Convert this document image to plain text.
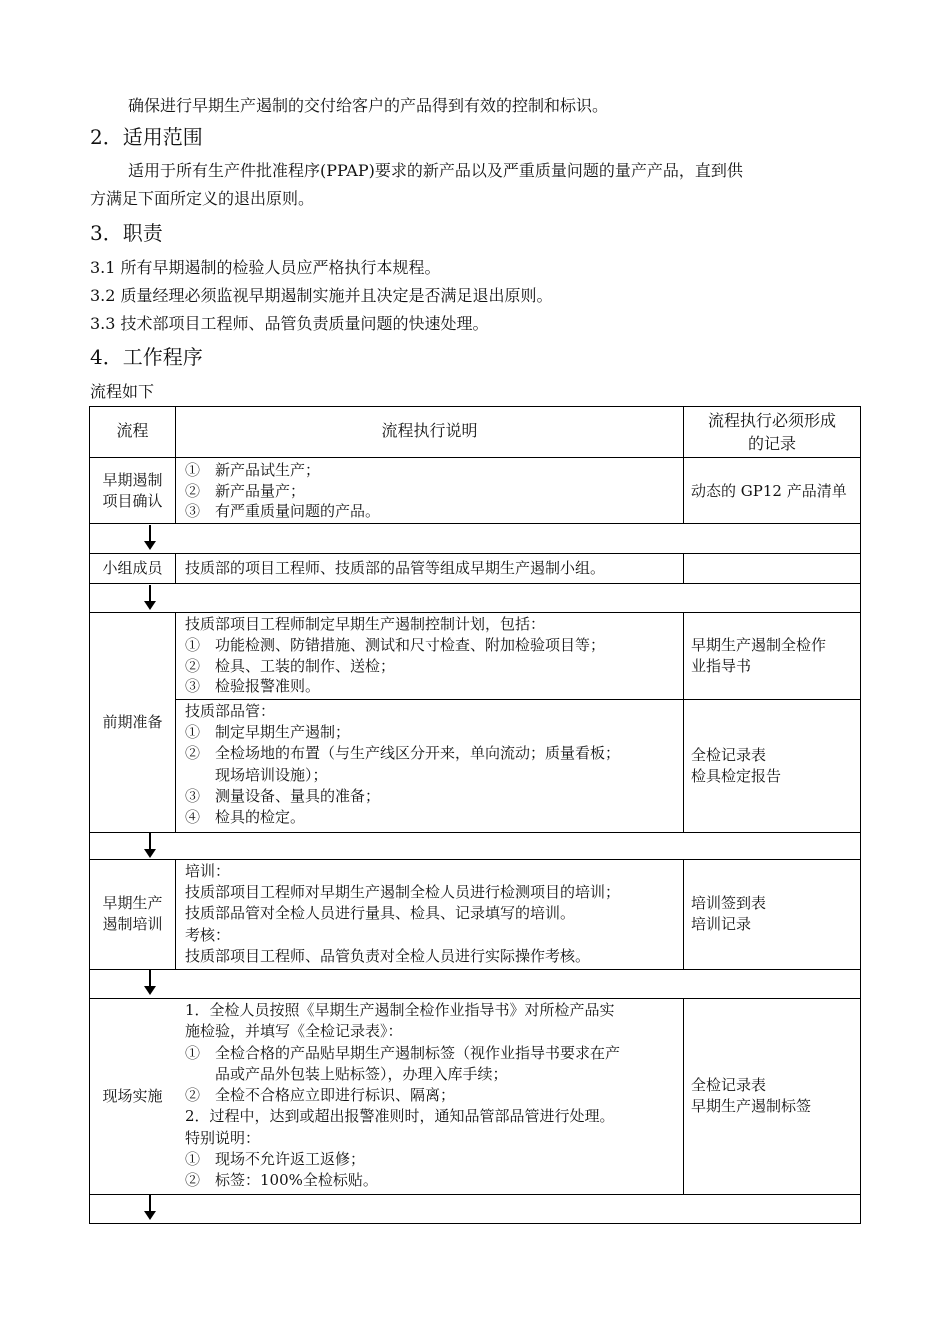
确保进行早期生产遏制的交付给客户的产品得到有效的控制和标识。
2．适用范围
适用于所有生产件批准程序(PPAP)要求的新产品以及严重质量问题的量产产品，直到供
方满足下面所定义的退出原则。
3．职责
3.1 所有早期遏制的检验人员应严格执行本规程。
3.2 质量经理必须监视早期遏制实施并且决定是否满足退出原则。
3.3 技术部项目工程师、品管负责质量问题的快速处理。
4．工作程序
流程如下
流程	流程执行说明
流程执行必须形成
的记录
早期遏制
项目确认
①　新产品试生产；
②　新产品量产；
③　有严重质量问题的产品。
动态的 GP12 产品清单
小组成员	技质部的项目工程师、技质部的品管等组成早期生产遏制小组。
前期准备
技质部项目工程师制定早期生产遏制控制计划，包括：
①　功能检测、防错措施、测试和尺寸检查、附加检验项目等；
②　检具、工装的制作、送检；
③　检验报警准则。
早期生产遏制全检作
业指导书
技质部品管：
①　制定早期生产遏制；
②　全检场地的布置（与生产线区分开来，单向流动；质量看板；
　　现场培训设施）；
③　测量设备、量具的准备；
④　检具的检定。
全检记录表
检具检定报告
早期生产
遏制培训
培训：
技质部项目工程师对早期生产遏制全检人员进行检测项目的培训；
技质部品管对全检人员进行量具、检具、记录填写的培训。
考核：
技质部项目工程师、品管负责对全检人员进行实际操作考核。
培训签到表
培训记录
现场实施
1．全检人员按照《早期生产遏制全检作业指导书》对所检产品实
施检验，并填写《全检记录表》：
①　全检合格的产品贴早期生产遏制标签（视作业指导书要求在产
　　品或产品外包装上贴标签），办理入库手续；
②　全检不合格应立即进行标识、隔离；
2．过程中，达到或超出报警准则时，通知品管部品管进行处理。
特别说明：
①　现场不允许返工返修；
②　标签：100%全检标贴。
全检记录表
早期生产遏制标签
